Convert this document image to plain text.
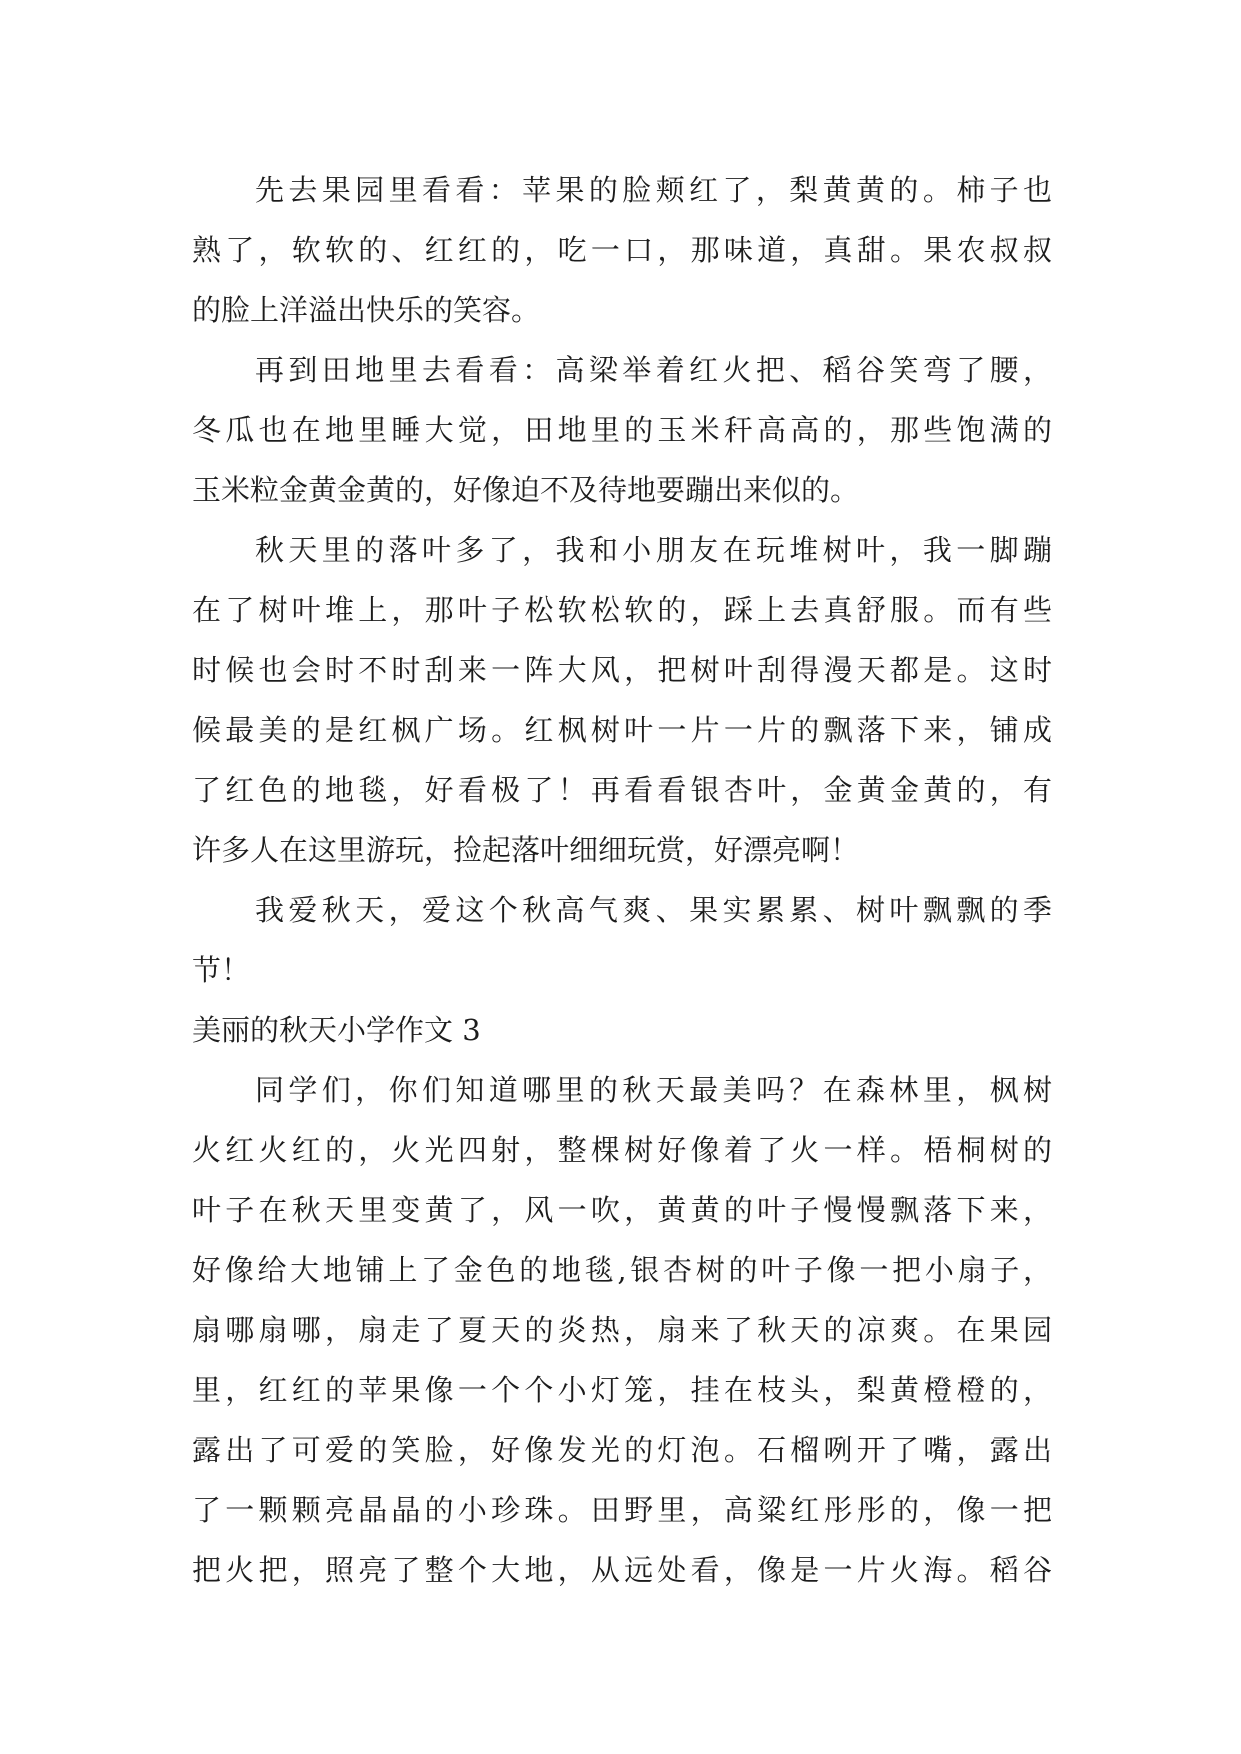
先去果园里看看：苹果的脸颊红了，梨黄黄的。柿子也
熟了，软软的、红红的，吃一口，那味道，真甜。果农叔叔
的脸上洋溢出快乐的笑容。
再到田地里去看看：高梁举着红火把、稻谷笑弯了腰，
冬瓜也在地里睡大觉，田地里的玉米秆高高的，那些饱满的
玉米粒金黄金黄的，好像迫不及待地要蹦出来似的。
秋天里的落叶多了，我和小朋友在玩堆树叶，我一脚蹦
在了树叶堆上，那叶子松软松软的，踩上去真舒服。而有些
时候也会时不时刮来一阵大风，把树叶刮得漫天都是。这时
候最美的是红枫广场。红枫树叶一片一片的飘落下来，铺成
了红色的地毯，好看极了！再看看银杏叶，金黄金黄的，有
许多人在这里游玩，捡起落叶细细玩赏，好漂亮啊！
我爱秋天，爱这个秋高气爽、果实累累、树叶飘飘的季
节！
美丽的秋天小学作文 3
同学们，你们知道哪里的秋天最美吗？在森林里，枫树
火红火红的，火光四射，整棵树好像着了火一样。梧桐树的
叶子在秋天里变黄了，风一吹，黄黄的叶子慢慢飘落下来，
好像给大地铺上了金色的地毯,银杏树的叶子像一把小扇子，
扇哪扇哪，扇走了夏天的炎热，扇来了秋天的凉爽。在果园
里，红红的苹果像一个个小灯笼，挂在枝头，梨黄橙橙的，
露出了可爱的笑脸，好像发光的灯泡。石榴咧开了嘴，露出
了一颗颗亮晶晶的小珍珠。田野里，高粱红彤彤的，像一把
把火把，照亮了整个大地，从远处看，像是一片火海。稻谷
